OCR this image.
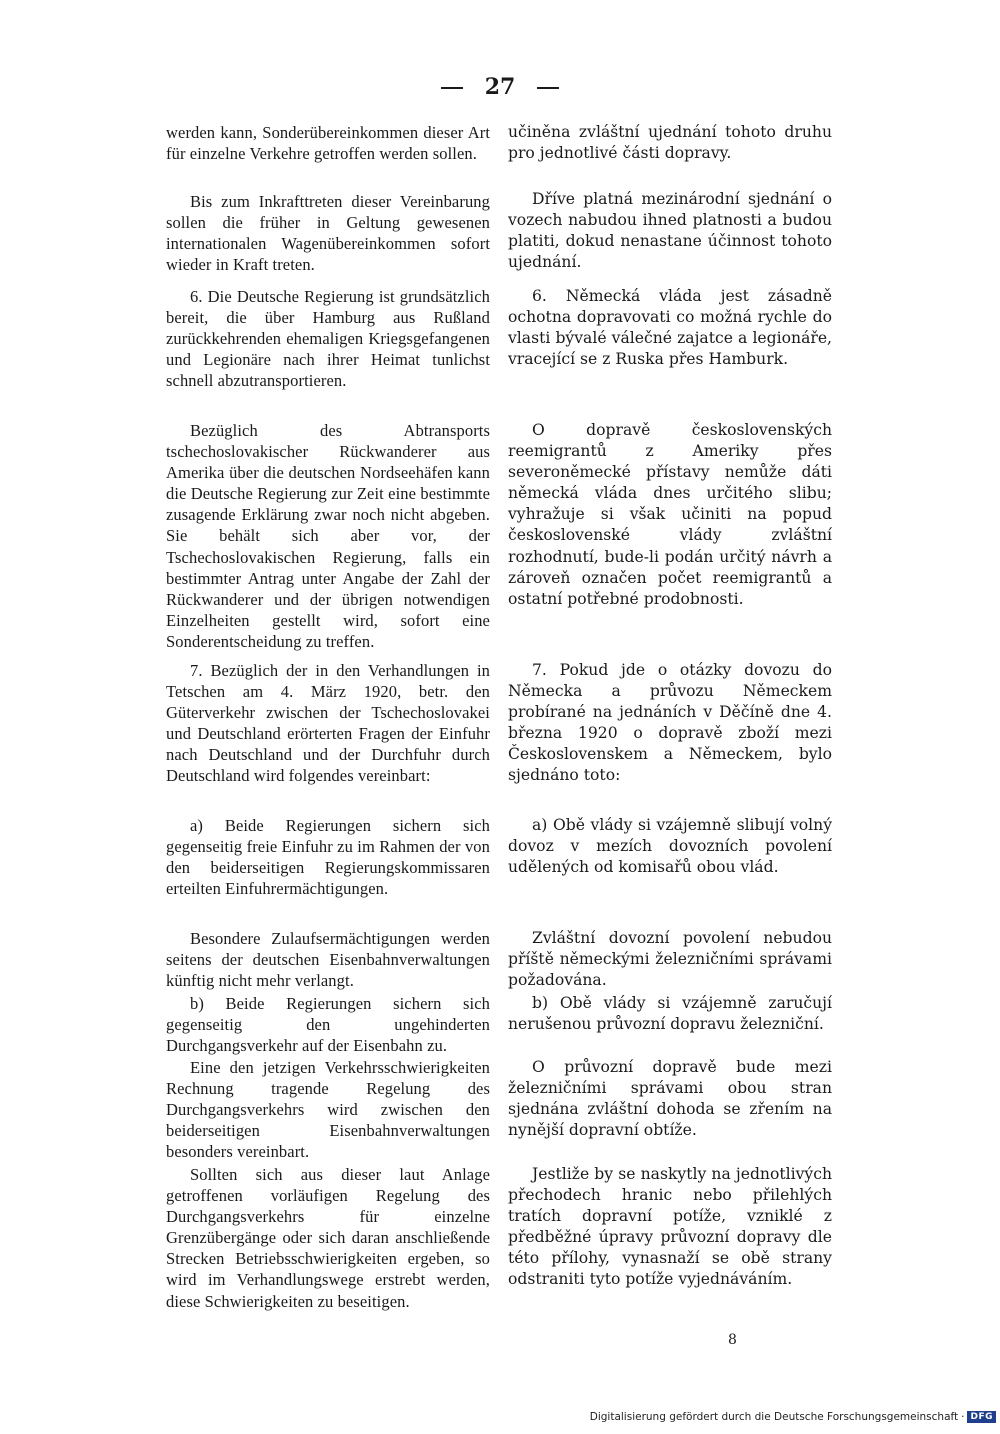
27

werden kann, Sonderübereinkommen dieser Art für einzelne Verkehre getroffen werden sollen.

Bis zum Inkrafttreten dieser Vereinbarung sollen die früher in Geltung gewesenen internationalen Wagenübereinkommen sofort wieder in Kraft treten.

6. Die Deutsche Regierung ist grundsätzlich bereit, die über Hamburg aus Rußland zurückkehrenden ehemaligen Kriegsgefangenen und Legionäre nach ihrer Heimat tunlichst schnell abzutransportieren.

Bezüglich des Abtransports tschechoslovakischer Rückwanderer aus Amerika über die deutschen Nordseehäfen kann die Deutsche Regierung zur Zeit eine bestimmte zusagende Erklärung zwar noch nicht abgeben. Sie behält sich aber vor, der Tschechoslovakischen Regierung, falls ein bestimmter Antrag unter Angabe der Zahl der Rückwanderer und der übrigen notwendigen Einzelheiten gestellt wird, sofort eine Sonderentscheidung zu treffen.

7. Bezüglich der in den Verhandlungen in Tetschen am 4. März 1920, betr. den Güterverkehr zwischen der Tschechoslovakei und Deutschland erörterten Fragen der Einfuhr nach Deutschland und der Durchfuhr durch Deutschland wird folgendes vereinbart:

a) Beide Regierungen sichern sich gegenseitig freie Einfuhr zu im Rahmen der von den beiderseitigen Regierungskommissaren erteilten Einfuhrermächtigungen.

Besondere Zulaufsermächtigungen werden seitens der deutschen Eisenbahnverwaltungen künftig nicht mehr verlangt.

b) Beide Regierungen sichern sich gegenseitig den ungehinderten Durchgangsverkehr auf der Eisenbahn zu.

Eine den jetzigen Verkehrsschwierigkeiten Rechnung tragende Regelung des Durchgangsverkehrs wird zwischen den beiderseitigen Eisenbahnverwaltungen besonders vereinbart.

Sollten sich aus dieser laut Anlage getroffenen vorläufigen Regelung des Durchgangsverkehrs für einzelne Grenzübergänge oder sich daran anschließende Strecken Betriebsschwierigkeiten ergeben, so wird im Verhandlungswege erstrebt werden, diese Schwierigkeiten zu beseitigen.

učiněna zvláštní ujednání tohoto druhu pro jednotlivé části dopravy.

Dříve platná mezinárodní sjednání o vozech nabudou ihned platnosti a budou platiti, dokud nenastane účinnost tohoto ujednání.

6. Německá vláda jest zásadně ochotna dopravovati co možná rychle do vlasti bývalé válečné zajatce a legionáře, vracející se z Ruska přes Hamburk.

O dopravě československých reemigrantů z Ameriky přes severoněmecké přístavy nemůže dáti německá vláda dnes určitého slibu; vyhražuje si však učiniti na popud československé vlády zvláštní rozhodnutí, bude-li podán určitý návrh a zároveň označen počet reemigrantů a ostatní potřebné prodobnosti.

7. Pokud jde o otázky dovozu do Německa a průvozu Německem probírané na jednáních v Děčíně dne 4. března 1920 o dopravě zboží mezi Československem a Německem, bylo sjednáno toto:

a) Obě vlády si vzájemně slibují volný dovoz v mezích dovozních povolení udělených od komisařů obou vlád.

Zvláštní dovozní povolení nebudou příště německými železničními správami požadována.

b) Obě vlády si vzájemně zaručují nerušenou průvozní dopravu železniční.

O průvozní dopravě bude mezi železničními správami obou stran sjednána zvláštní dohoda se zřením na nynější dopravní obtíže.

Jestliže by se naskytly na jednotlivých přechodech hranic nebo přilehlých tratích dopravní potíže, vzniklé z předběžné úpravy průvozní dopravy dle této přílohy, vynasnaží se obě strany odstraniti tyto potíže vyjednáváním.

8
Digitalisierung gefördert durch die Deutsche Forschungsgemeinschaft · DFG
